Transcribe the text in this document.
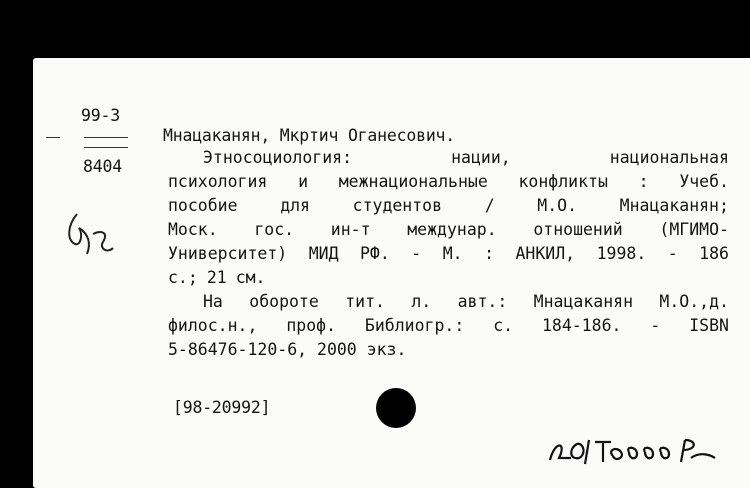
99-3
8404
Мнацаканян, Мкртич Оганесович.
Этносоциология:	нации,	национальная
психология и межнациональные конфликты : Учеб.
пособие	для	студентов	/	М.О.	Мнацаканян;
Моск. гос. ин-т междунар. отношений (МГИМО-
Университет) МИД РФ. - М. : АНКИЛ, 1998. - 186
с.; 21 см.
На обороте тит. л. авт.: Мнацаканян М.О.,д.
филос.н., проф. Библиогр.: с. 184-186. - ISBN
5-86476-120-6, 2000 экз.
[98-20992]
